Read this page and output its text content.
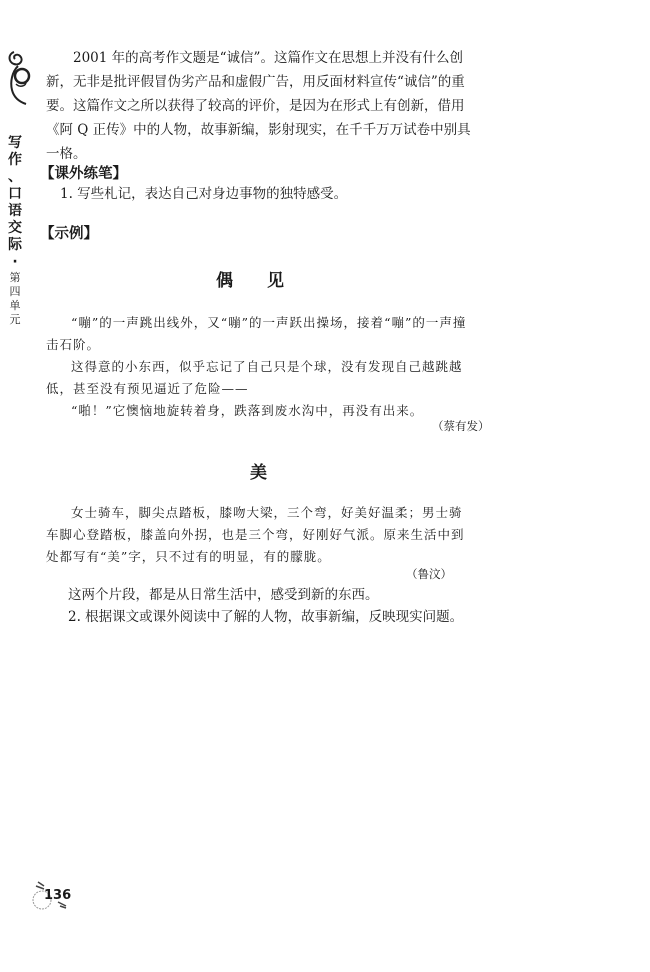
写
作
、
口
语
交
际
·
第
四
单
元

2001 年的高考作文题是“诚信”。这篇作文在思想上并没有什么创新，无非是批评假冒伪劣产品和虚假广告，用反面材料宣传“诚信”的重要。这篇作文之所以获得了较高的评价，是因为在形式上有创新，借用《阿 Q 正传》中的人物，故事新编，影射现实，在千千万万试卷中别具一格。

【课外练笔】

1. 写些札记，表达自己对身边事物的独特感受。

【示例】

偶　　见

“嘣”的一声跳出线外，又“嘣”的一声跃出操场，接着“嘣”的一声撞击石阶。

这得意的小东西，似乎忘记了自己只是个球，没有发现自己越跳越低，甚至没有预见逼近了危险——

“啪！”它懊恼地旋转着身，跌落到废水沟中，再没有出来。

（蔡有发）

美

女士骑车，脚尖点踏板，膝吻大梁，三个弯，好美好温柔；男士骑车脚心登踏板，膝盖向外拐，也是三个弯，好刚好气派。原来生活中到处都写有“美”字，只不过有的明显，有的朦胧。

（鲁汶）

这两个片段，都是从日常生活中，感受到新的东西。

2. 根据课文或课外阅读中了解的人物，故事新编，反映现实问题。

136
